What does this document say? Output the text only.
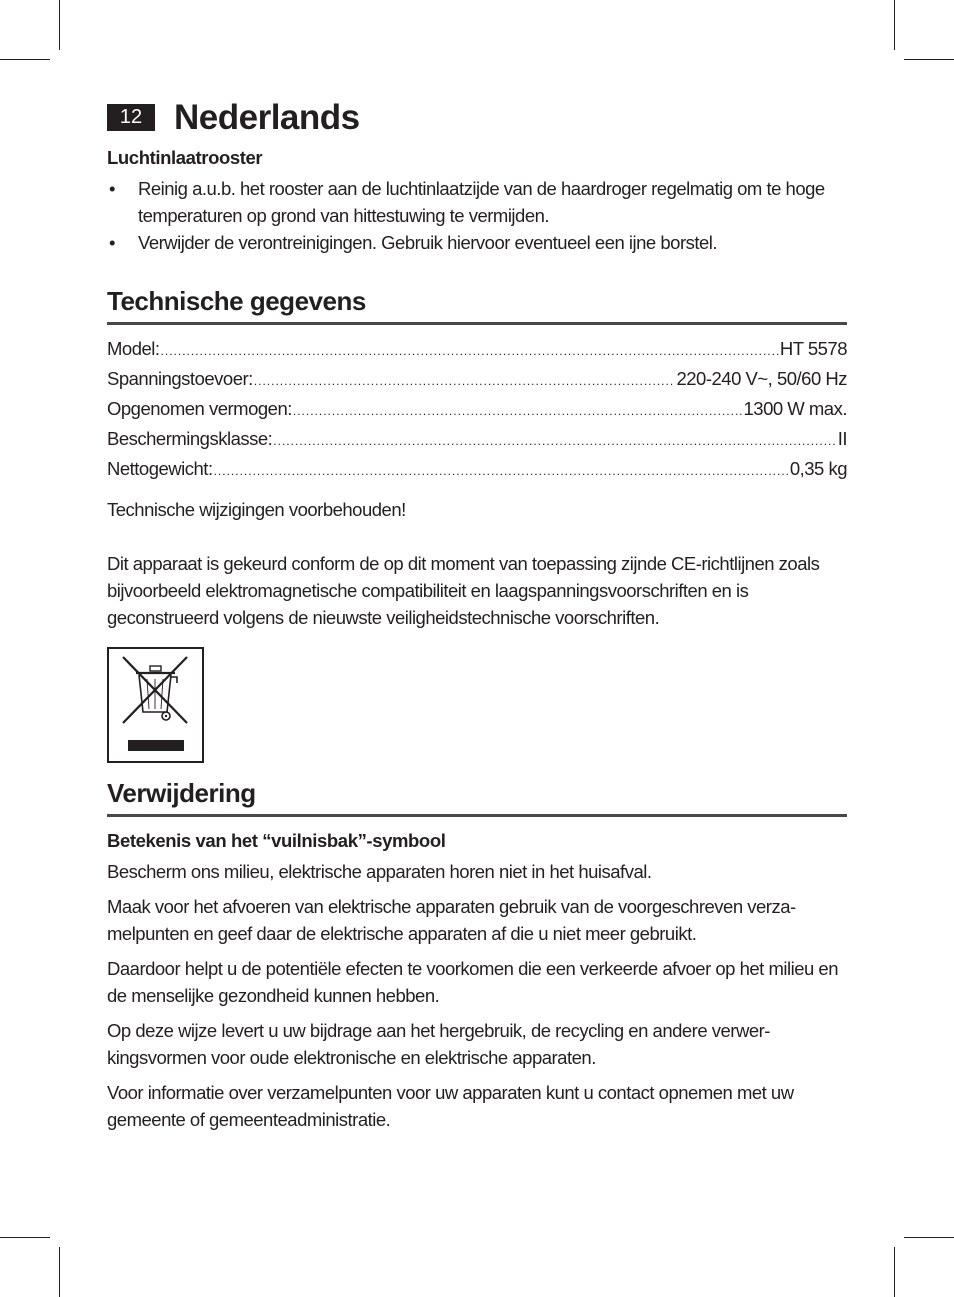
12 Nederlands
Luchtinlaatrooster
• Reinig a.u.b. het rooster aan de luchtinlaatzijde van de haardroger regelmatig om te hoge temperaturen op grond van hittestuwing te vermijden.
• Verwijder de verontreinigingen. Gebruik hiervoor eventueel een ijne borstel.
Technische gegevens
Model: .....	HT 5578
Spanningstoevoer: .....	220-240 V~, 50/60 Hz
Opgenomen vermogen: .....	1300 W max.
Beschermingsklasse: .....	II
Nettogewicht: .....	0,35 kg

Technische wijzigingen voorbehouden!

Dit apparaat is gekeurd conform de op dit moment van toepassing zijnde CE-richtlijnen zoals bijvoorbeeld elektromagnetische compatibiliteit en laagspanningsvoorschriften en is geconstrueerd volgens de nieuwste veiligheidstechnische voorschriften.

Verwijdering
Betekenis van het “vuilnisbak”-symbool

Bescherm ons milieu, elektrische apparaten horen niet in het huisafval.

Maak voor het afvoeren van elektrische apparaten gebruik van de voorgeschreven verza-melpunten en geef daar de elektrische apparaten af die u niet meer gebruikt.

Daardoor helpt u de potentiële efecten te voorkomen die een verkeerde afvoer op het milieu en de menselijke gezondheid kunnen hebben.

Op deze wijze levert u uw bijdrage aan het hergebruik, de recycling en andere verwer-kingsvormen voor oude elektronische en elektrische apparaten.

Voor informatie over verzamelpunten voor uw apparaten kunt u contact opnemen met uw gemeente of gemeenteadministratie.
